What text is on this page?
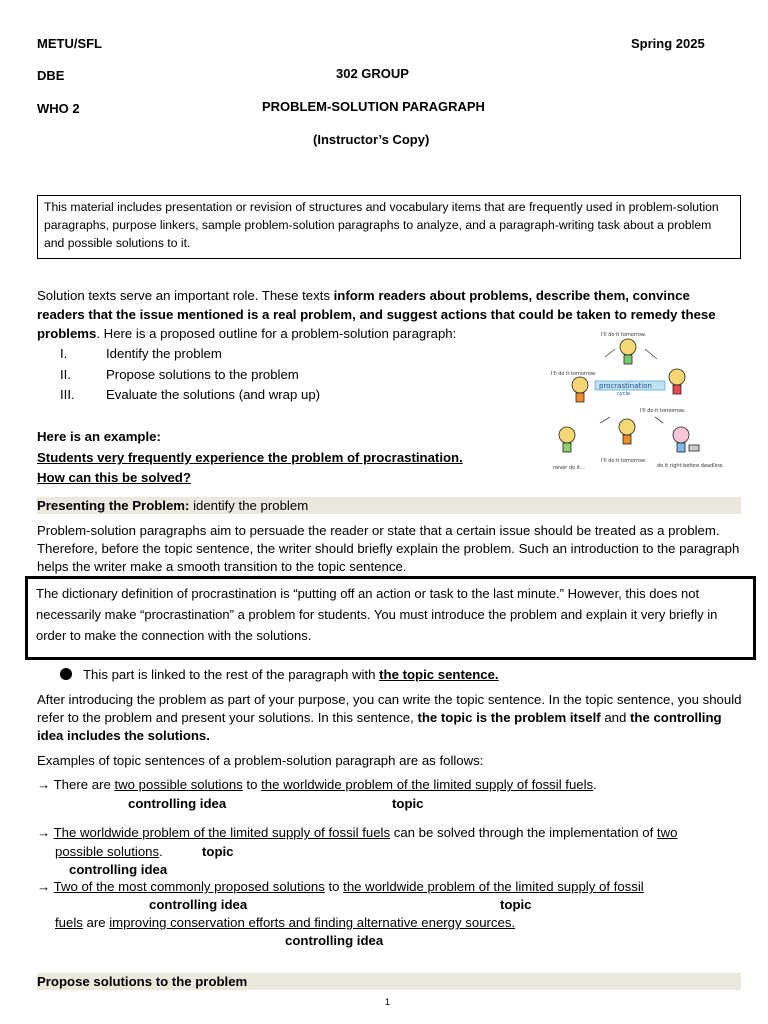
METU/SFL	Spring 2025
DBE	302 GROUP
WHO 2	PROBLEM-SOLUTION PARAGRAPH
(Instructor’s Copy)
This material includes presentation or revision of structures and vocabulary items that are frequently used in problem-solution paragraphs, purpose linkers, sample problem-solution paragraphs to analyze, and a paragraph-writing task about a problem and possible solutions to it.
Solution texts serve an important role. These texts inform readers about problems, describe them, convince readers that the issue mentioned is a real problem, and suggest actions that could be taken to remedy these problems. Here is a proposed outline for a problem-solution paragraph:
I.	Identify the problem
II.	Propose solutions to the problem
III. Evaluate the solutions (and wrap up)
I'll do it tomorrow.
I'll do it tomorrow.
I'll do it tomorrow.
never do it...
I'll do it tomorrow.
do it right before deadline.
procrastination
cycle
Here is an example:
Students very frequently experience the problem of procrastination.
How can this be solved?
Presenting the Problem: identify the problem
Problem-solution paragraphs aim to persuade the reader or state that a certain issue should be treated as a problem. Therefore, before the topic sentence, the writer should briefly explain the problem. Such an introduction to the paragraph helps the writer make a smooth transition to the topic sentence.
The dictionary definition of procrastination is “putting off an action or task to the last minute.” However, this does not necessarily make “procrastination” a problem for students. You must introduce the problem and explain it very briefly in order to make the connection with the solutions.
This part is linked to the rest of the paragraph with the topic sentence.
After introducing the problem as part of your purpose, you can write the topic sentence. In the topic sentence, you should refer to the problem and present your solutions. In this sentence, the topic is the problem itself and the controlling idea includes the solutions.
Examples of topic sentences of a problem-solution paragraph are as follows:
→ There are two possible solutions to the worldwide problem of the limited supply of fossil fuels.
controlling idea	topic
→ The worldwide problem of the limited supply of fossil fuels can be solved through the implementation of two
possible solutions.	topic
controlling idea
→ Two of the most commonly proposed solutions to the worldwide problem of the limited supply of fossil
controlling idea	topic
fuels are improving conservation efforts and finding alternative energy sources.
controlling idea
Propose solutions to the problem
1
